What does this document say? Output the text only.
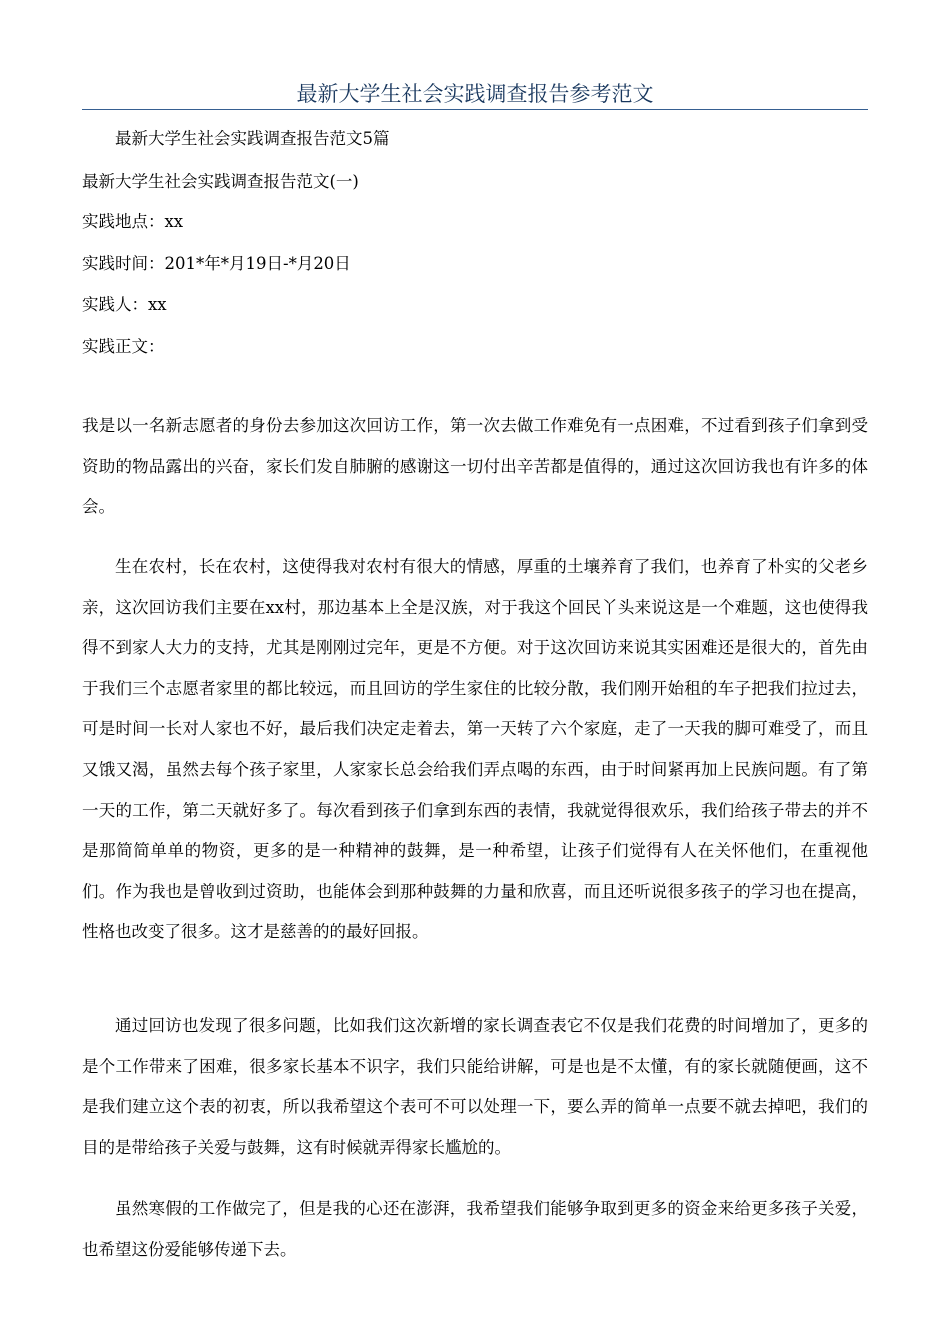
最新大学生社会实践调查报告参考范文
最新大学生社会实践调查报告范文5篇
最新大学生社会实践调查报告范文(一)
实践地点：xx
实践时间：201*年*月19日-*月20日
实践人：xx
实践正文：

我是以一名新志愿者的身份去参加这次回访工作，第一次去做工作难免有一点困难，不过看到孩子们拿到受资助的物品露出的兴奋，家长们发自肺腑的感谢这一切付出辛苦都是值得的，通过这次回访我也有许多的体会。

生在农村，长在农村，这使得我对农村有很大的情感，厚重的土壤养育了我们，也养育了朴实的父老乡亲，这次回访我们主要在xx村，那边基本上全是汉族，对于我这个回民丫头来说这是一个难题，这也使得我得不到家人大力的支持，尤其是刚刚过完年，更是不方便。对于这次回访来说其实困难还是很大的，首先由于我们三个志愿者家里的都比较远，而且回访的学生家住的比较分散，我们刚开始租的车子把我们拉过去，可是时间一长对人家也不好，最后我们决定走着去，第一天转了六个家庭，走了一天我的脚可难受了，而且又饿又渴，虽然去每个孩子家里，人家家长总会给我们弄点喝的东西，由于时间紧再加上民族问题。有了第一天的工作，第二天就好多了。每次看到孩子们拿到东西的表情，我就觉得很欢乐，我们给孩子带去的并不是那简简单单的物资，更多的是一种精神的鼓舞，是一种希望，让孩子们觉得有人在关怀他们，在重视他们。作为我也是曾收到过资助，也能体会到那种鼓舞的力量和欣喜，而且还听说很多孩子的学习也在提高，性格也改变了很多。这才是慈善的的最好回报。

通过回访也发现了很多问题，比如我们这次新增的家长调查表它不仅是我们花费的时间增加了，更多的是个工作带来了困难，很多家长基本不识字，我们只能给讲解，可是也是不太懂，有的家长就随便画，这不是我们建立这个表的初衷，所以我希望这个表可不可以处理一下，要么弄的简单一点要不就去掉吧，我们的目的是带给孩子关爱与鼓舞，这有时候就弄得家长尴尬的。

虽然寒假的工作做完了，但是我的心还在澎湃，我希望我们能够争取到更多的资金来给更多孩子关爱，也希望这份爱能够传递下去。
